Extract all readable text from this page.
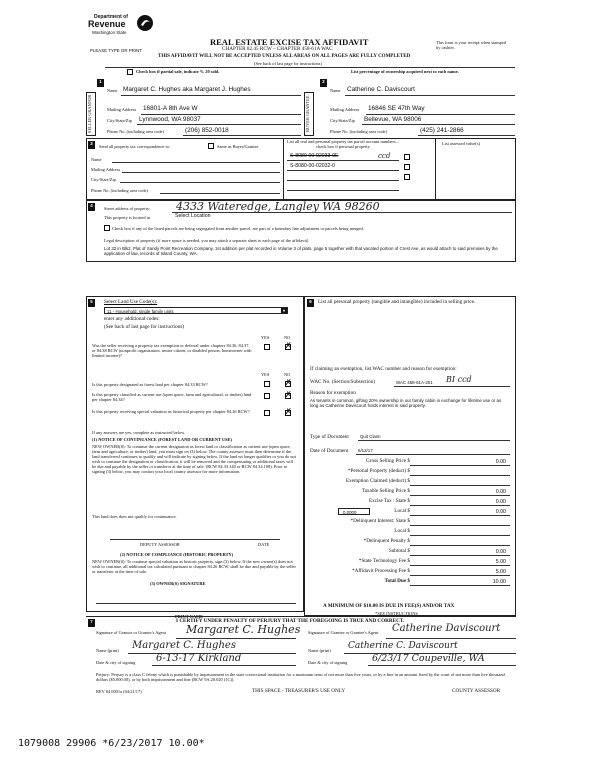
Department of
Revenue
Washington State
PLEASE TYPE OR PRINT
REAL ESTATE EXCISE TAX AFFIDAVIT
CHAPTER 82.45 RCW – CHAPTER 458-61A WAC
THIS AFFIDAVIT WILL NOT BE ACCEPTED UNLESS ALL AREAS ON ALL PAGES ARE FULLY COMPLETED
(See back of last page for instructions)
This form is your receipt when stamped by cashier.
Check box if partial sale, indicate % 20 sold.	List percentage of ownership acquired next to each name.
1
SELLER GRANTOR
Name Margaret C. Hughes aka Margaret J. Hughes
Mailing Address 16801-A 8th Ave W
City/State/Zip Lynnwood, WA 98037
Phone No. (including area code)	(206) 852-0018
2
BUYER GRANTEE
Name Catherine C. Daviscourt
Mailing Address 16846 SE 47th Way
City/State/Zip Bellevue, WA 98006
Phone No. (including area code)	(425) 241-2866
3
Send all property tax correspondence to:	Same as Buyer/Grantee
Name
Mailing Address
City/State/Zip
Phone No. (including area code)
List all real and personal property tax parcel account numbers – check box if personal property
List assessed value(s)
S-8080-00-02033-0E	ccd
S-8080-00-02032-0
4
Street address of property: 4333 Wateredge, Langley WA 98260
This property is located in	Select Location
Check box if any of the listed parcels are being segregated from another parcel, are part of a boundary line adjustment or parcels being merged.
Legal description of property (if more space is needed, you may attach a separate sheet to each page of the affidavit)
Lot 32 in Blk2, Plat of Sandy Point Recreation Company, 1st addition per plat recorded in Volume 3 of plats, page 5 together with that vacated portion of Crest Ave, as would attach to said premises by the application of law, records of Island County, WA.
5	Select Land Use Code(s):
11 - Household, single family units	▾
enter any additional codes:
(See back of last page for instructions)
YES	NO
Was the seller receiving a property tax exemption or deferral under chapters 84.36, 84.37, or 84.38 RCW (nonprofit organization, senior citizen, or disabled person, homeowner with limited income)?
✗
YES	NO
Is this property designated as forest land per chapter 84.33 RCW?	✗
Is this property classified as current use (open space, farm and agricultural, or timber) land per chapter 84.34?
✗
Is this property receiving special valuation as historical property per chapter 84.26 RCW?	✗
If any answers are yes, complete as instructed below.
(1) NOTICE OF CONTINUANCE (FOREST LAND OR CURRENT USE)
NEW OWNER(S): To continue the current designation as forest land or classification as current use (open space, farm and agriculture, or timber) land, you must sign on (3) below. The county assessor must then determine if the land transferred continues to qualify and will indicate by signing below. If the land no longer qualifies or you do not wish to continue the designation or classification, it will be removed and the compensating or additional taxes will be due and payable by the seller or transferor at the time of sale. (RCW 84.33.140 or RCW 84.34.108). Prior to signing (3) below, you may contact your local county assessor for more information.
This land does does not qualify for continuance.
DEPUTY ASSESSOR	DATE
(2) NOTICE OF COMPLIANCE (HISTORIC PROPERTY)
NEW OWNER(S): To continue special valuation as historic property, sign (3) below. If the new owner(s) does not wish to continue, all additional tax calculated pursuant to chapter 84.26 RCW, shall be due and payable by the seller or transferor at the time of sale.
(3) OWNER(S) SIGNATURE
6	List all personal property (tangible and intangible) included in selling price.
If claiming an exemption, list WAC number and reason for exemption:
WAC No. (Section/Subsection)	WAC 458-61A-201 BI ccd
Reason for exemption
As tenants in common, gifting 20% ownership in our family cabin in exchange for lifetime use or as long as Catherine Daviscourt holds interest in said property.
Type of Document	Quit Claim
Date of Document 6/12/17
Gross Selling Price $	0.00
*Personal Property (deduct) $
Exemption Claimed (deduct) $
Taxable Selling Price $	0.00
Excise Tax : State $	0.00
0.0000	Local $	0.00
*Delinquent Interest: State $
Local $
*Delinquent Penalty $
Subtotal $	0.00
*State Technology Fee $	5.00
*Affidavit Processing Fee $	5.00
Total Due $	10.00
A MINIMUM OF $10.00 IS DUE IN FEE(S) AND/OR TAX
*SEE INSTRUCTIONS
7	I CERTIFY UNDER PENALTY OF PERJURY THAT THE FOREGOING IS TRUE AND CORRECT.
Signature of Grantor or Grantor's Agent	Margaret C. Hughes
Name (print) Margaret C. Hughes
Date & city of signing 6-13-17 Kirkland
Signature of Grantee or Grantee's Agent	Catherine Daviscourt
Name (print) Catherine C. Daviscourt
Date & city of signing	6/23/17 Coupeville, WA
Perjury: Perjury is a class C felony which is punishable by imprisonment in the state correctional institution for a maximum term of not more than five years, or by a fine in an amount fixed by the court of not more than five thousand dollars ($5,000.00), or by both imprisonment and fine (RCW 9A.20.020 (1C)).
REV 84 0001a (04/21/17)	THIS SPACE - TREASURER'S USE ONLY	COUNTY ASSESSOR
1079008 29906 *6/23/2017 10.00*
